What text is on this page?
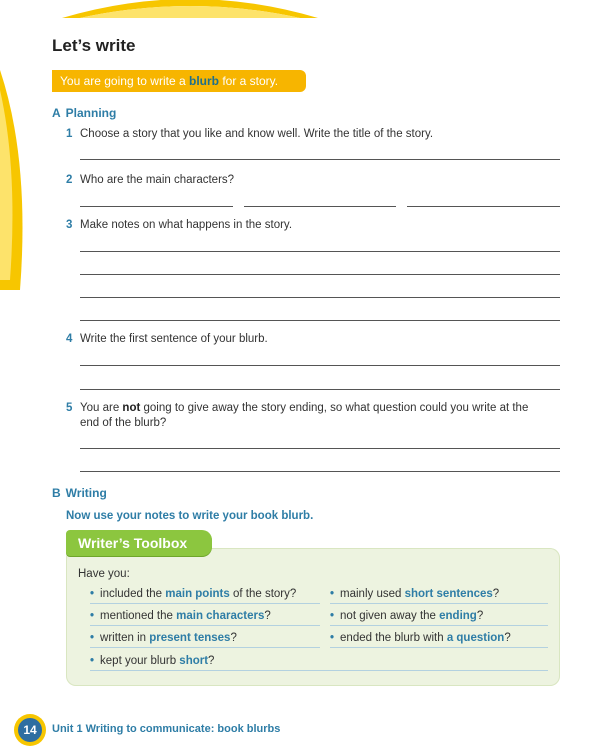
Let’s write
You are going to write a blurb for a story.
A Planning
1 Choose a story that you like and know well. Write the title of the story.
2 Who are the main characters?
3 Make notes on what happens in the story.
4 Write the first sentence of your blurb.
5 You are not going to give away the story ending, so what question could you write at the end of the blurb?
B Writing
Now use your notes to write your book blurb.
Writer’s Toolbox
Have you:
• included the main points of the story?	• mainly used short sentences?
• mentioned the main characters?	• not given away the ending?
• written in present tenses?	• ended the blurb with a question?
• kept your blurb short?
14	Unit 1 Writing to communicate: book blurbs
